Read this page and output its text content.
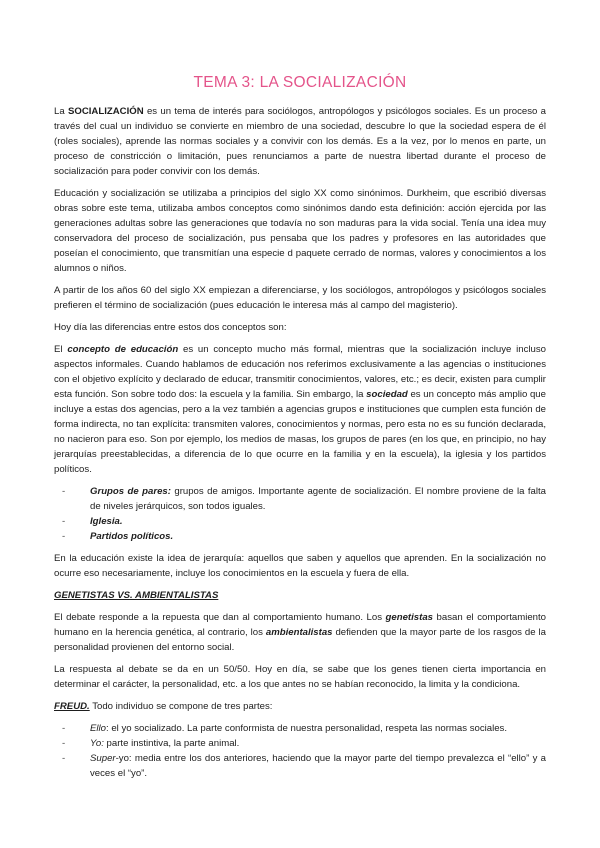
TEMA 3: LA SOCIALIZACIÓN

La SOCIALIZACIÓN es un tema de interés para sociólogos, antropólogos y psicólogos sociales. Es un proceso a través del cual un individuo se convierte en miembro de una sociedad, descubre lo que la sociedad espera de él (roles sociales), aprende las normas sociales y a convivir con los demás. Es a la vez, por lo menos en parte, un proceso de constricción o limitación, pues renunciamos a parte de nuestra libertad durante el proceso de socialización para poder convivir con los demás.

Educación y socialización se utilizaba a principios del siglo XX como sinónimos. Durkheim, que escribió diversas obras sobre este tema, utilizaba ambos conceptos como sinónimos dando esta definición: acción ejercida por las generaciones adultas sobre las generaciones que todavía no son maduras para la vida social. Tenía una idea muy conservadora del proceso de socialización, pus pensaba que los padres y profesores en las autoridades que poseían el conocimiento, que transmitían una especie d paquete cerrado de normas, valores y conocimientos a los alumnos o niños.

A partir de los años 60 del siglo XX empiezan a diferenciarse, y los sociólogos, antropólogos y psicólogos sociales prefieren el término de socialización (pues educación le interesa más al campo del magisterio).

Hoy día las diferencias entre estos dos conceptos son:

El concepto de educación es un concepto mucho más formal, mientras que la socialización incluye incluso aspectos informales. Cuando hablamos de educación nos referimos exclusivamente a las agencias o instituciones con el objetivo explícito y declarado de educar, transmitir conocimientos, valores, etc.; es decir, existen para cumplir esta función. Son sobre todo dos: la escuela y la familia. Sin embargo, la sociedad es un concepto más amplio que incluye a estas dos agencias, pero a la vez también a agencias grupos e instituciones que cumplen esta función de forma indirecta, no tan explícita: transmiten valores, conocimientos y normas, pero esta no es su función declarada, no nacieron para eso. Son por ejemplo, los medios de masas, los grupos de pares (en los que, en principio, no hay jerarquías preestablecidas, a diferencia de lo que ocurre en la familia y en la escuela), la iglesia y los partidos políticos.

- Grupos de pares: grupos de amigos. Importante agente de socialización. El nombre proviene de la falta de niveles jerárquicos, son todos iguales.
- Iglesia.
- Partidos políticos.

En la educación existe la idea de jerarquía: aquellos que saben y aquellos que aprenden. En la socialización no ocurre eso necesariamente, incluye los conocimientos en la escuela y fuera de ella.

GENETISTAS VS. AMBIENTALISTAS

El debate responde a la repuesta que dan al comportamiento humano. Los genetistas basan el comportamiento humano en la herencia genética, al contrario, los ambientalistas defienden que la mayor parte de los rasgos de la personalidad provienen del entorno social.

La respuesta al debate se da en un 50/50. Hoy en día, se sabe que los genes tienen cierta importancia en determinar el carácter, la personalidad, etc. a los que antes no se habían reconocido, la limita y la condiciona.

FREUD. Todo individuo se compone de tres partes:

- Ello: el yo socializado. La parte conformista de nuestra personalidad, respeta las normas sociales.
- Yo: parte instintiva, la parte animal.
- Super-yo: media entre los dos anteriores, haciendo que la mayor parte del tiempo prevalezca el “ello” y a veces el “yo”.
